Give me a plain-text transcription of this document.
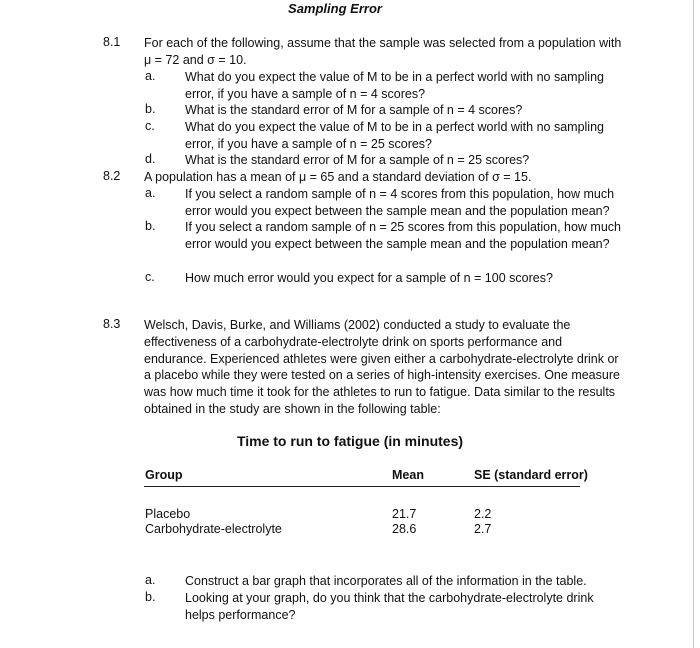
Sampling Error
8.1 For each of the following, assume that the sample was selected from a population with μ = 72 and σ = 10.
a. What do you expect the value of M to be in a perfect world with no sampling error, if you have a sample of n = 4 scores?
b. What is the standard error of M for a sample of n = 4 scores?
c. What do you expect the value of M to be in a perfect world with no sampling error, if you have a sample of n = 25 scores?
d. What is the standard error of M for a sample of n = 25 scores?
8.2 A population has a mean of μ = 65 and a standard deviation of σ = 15.
a. If you select a random sample of n = 4 scores from this population, how much error would you expect between the sample mean and the population mean?
b. If you select a random sample of n = 25 scores from this population, how much error would you expect between the sample mean and the population mean?
c. How much error would you expect for a sample of n = 100 scores?
8.3 Welsch, Davis, Burke, and Williams (2002) conducted a study to evaluate the effectiveness of a carbohydrate-electrolyte drink on sports performance and endurance. Experienced athletes were given either a carbohydrate-electrolyte drink or a placebo while they were tested on a series of high-intensity exercises. One measure was how much time it took for the athletes to run to fatigue. Data similar to the results obtained in the study are shown in the following table:
Time to run to fatigue (in minutes)
Group	Mean	SE (standard error)
Placebo	21.7	2.2
Carbohydrate-electrolyte	28.6	2.7
a. Construct a bar graph that incorporates all of the information in the table.
b. Looking at your graph, do you think that the carbohydrate-electrolyte drink helps performance?
